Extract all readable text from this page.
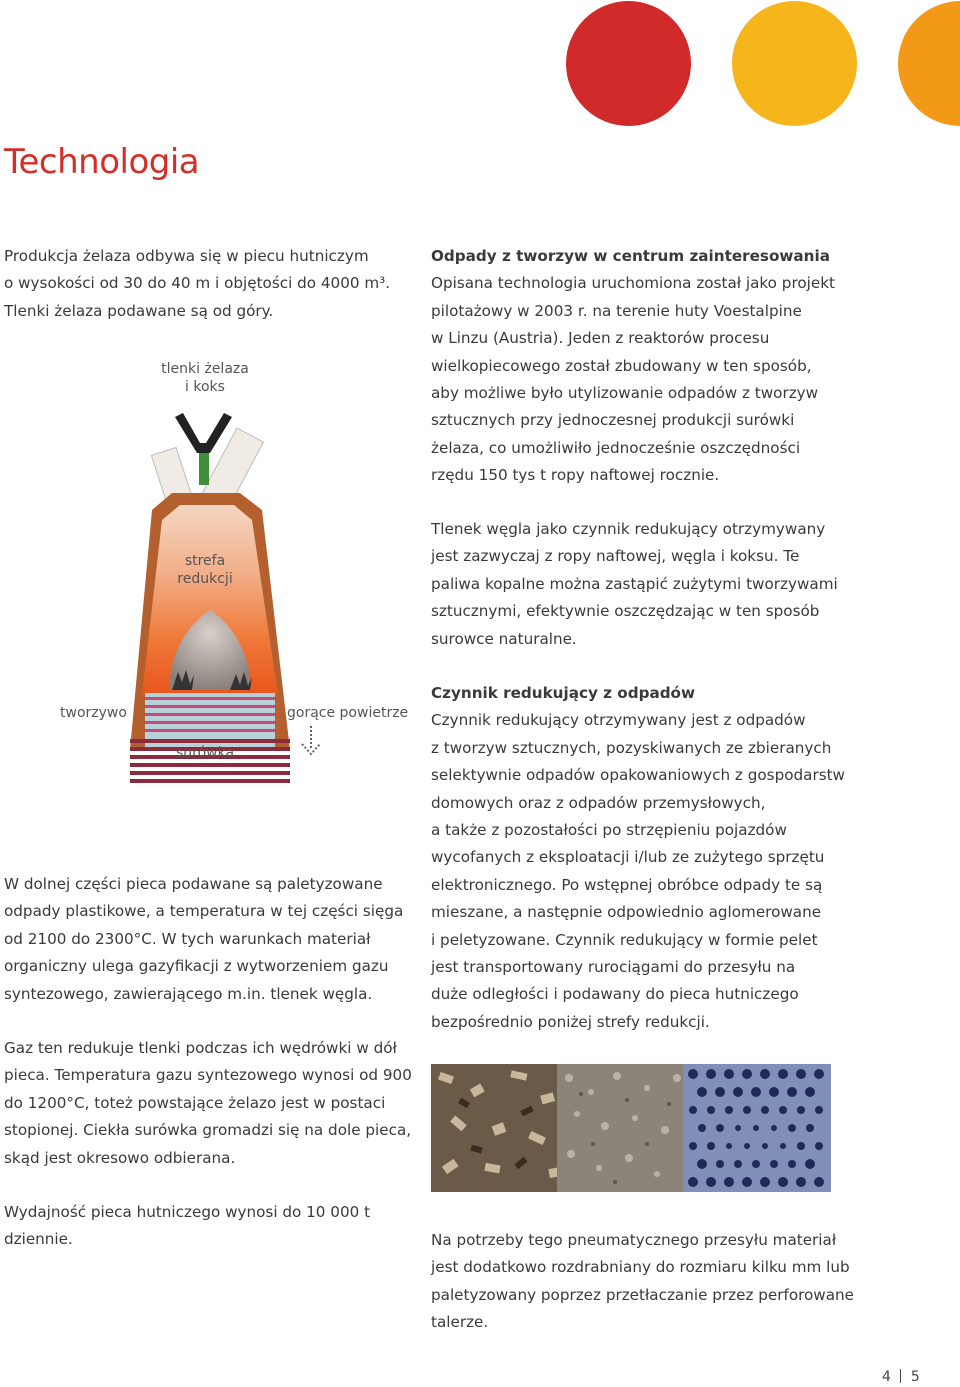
Technologia

Produkcja żelaza odbywa się w piecu hutniczym

o wysokości od 30 do 40 m i objętości do 4000 m³.

Tlenki żelaza podawane są od góry.

tlenki żelaza
i koks
strefa
redukcji
tworzywo	gorące powietrze
surówka

W dolnej części pieca podawane są paletyzowane

odpady plastikowe, a temperatura w tej części sięga

od 2100 do 2300°C. W tych warunkach materiał

organiczny ulega gazyfikacji z wytworzeniem gazu

syntezowego, zawierającego m.in. tlenek węgla.

Gaz ten redukuje tlenki podczas ich wędrówki w dół

pieca. Temperatura gazu syntezowego wynosi od 900

do 1200°C, toteż powstające żelazo jest w postaci

stopionej. Ciekła surówka gromadzi się na dole pieca,

skąd jest okresowo odbierana.

Wydajność pieca hutniczego wynosi do 10 000 t

dziennie.

Odpady z tworzyw w centrum zainteresowania

Opisana technologia uruchomiona został jako projekt

pilotażowy w 2003 r. na terenie huty Voestalpine

w Linzu (Austria). Jeden z reaktorów procesu

wielkopiecowego został zbudowany w ten sposób,

aby możliwe było utylizowanie odpadów z tworzyw

sztucznych przy jednoczesnej produkcji surówki

żelaza, co umożliwiło jednocześnie oszczędności

rzędu 150 tys t ropy naftowej rocznie.

Tlenek węgla jako czynnik redukujący otrzymywany

jest zazwyczaj z ropy naftowej, węgla i koksu. Te

paliwa kopalne można zastąpić zużytymi tworzywami

sztucznymi, efektywnie oszczędzając w ten sposób

surowce naturalne.

Czynnik redukujący z odpadów

Czynnik redukujący otrzymywany jest z odpadów

z tworzyw sztucznych, pozyskiwanych ze zbieranych

selektywnie odpadów opakowaniowych z gospodarstw

domowych oraz z odpadów przemysłowych,

a także z pozostałości po strzępieniu pojazdów

wycofanych z eksploatacji i/lub ze zużytego sprzętu

elektronicznego. Po wstępnej obróbce odpady te są

mieszane, a następnie odpowiednio aglomerowane

i peletyzowane. Czynnik redukujący w formie pelet

jest transportowany rurociągami do przesyłu na

duże odległości i podawany do pieca hutniczego

bezpośrednio poniżej strefy redukcji.

Na potrzeby tego pneumatycznego przesyłu materiał

jest dodatkowo rozdrabniany do rozmiaru kilku mm lub

paletyzowany poprzez przetłaczanie przez perforowane

talerze.

4 5
